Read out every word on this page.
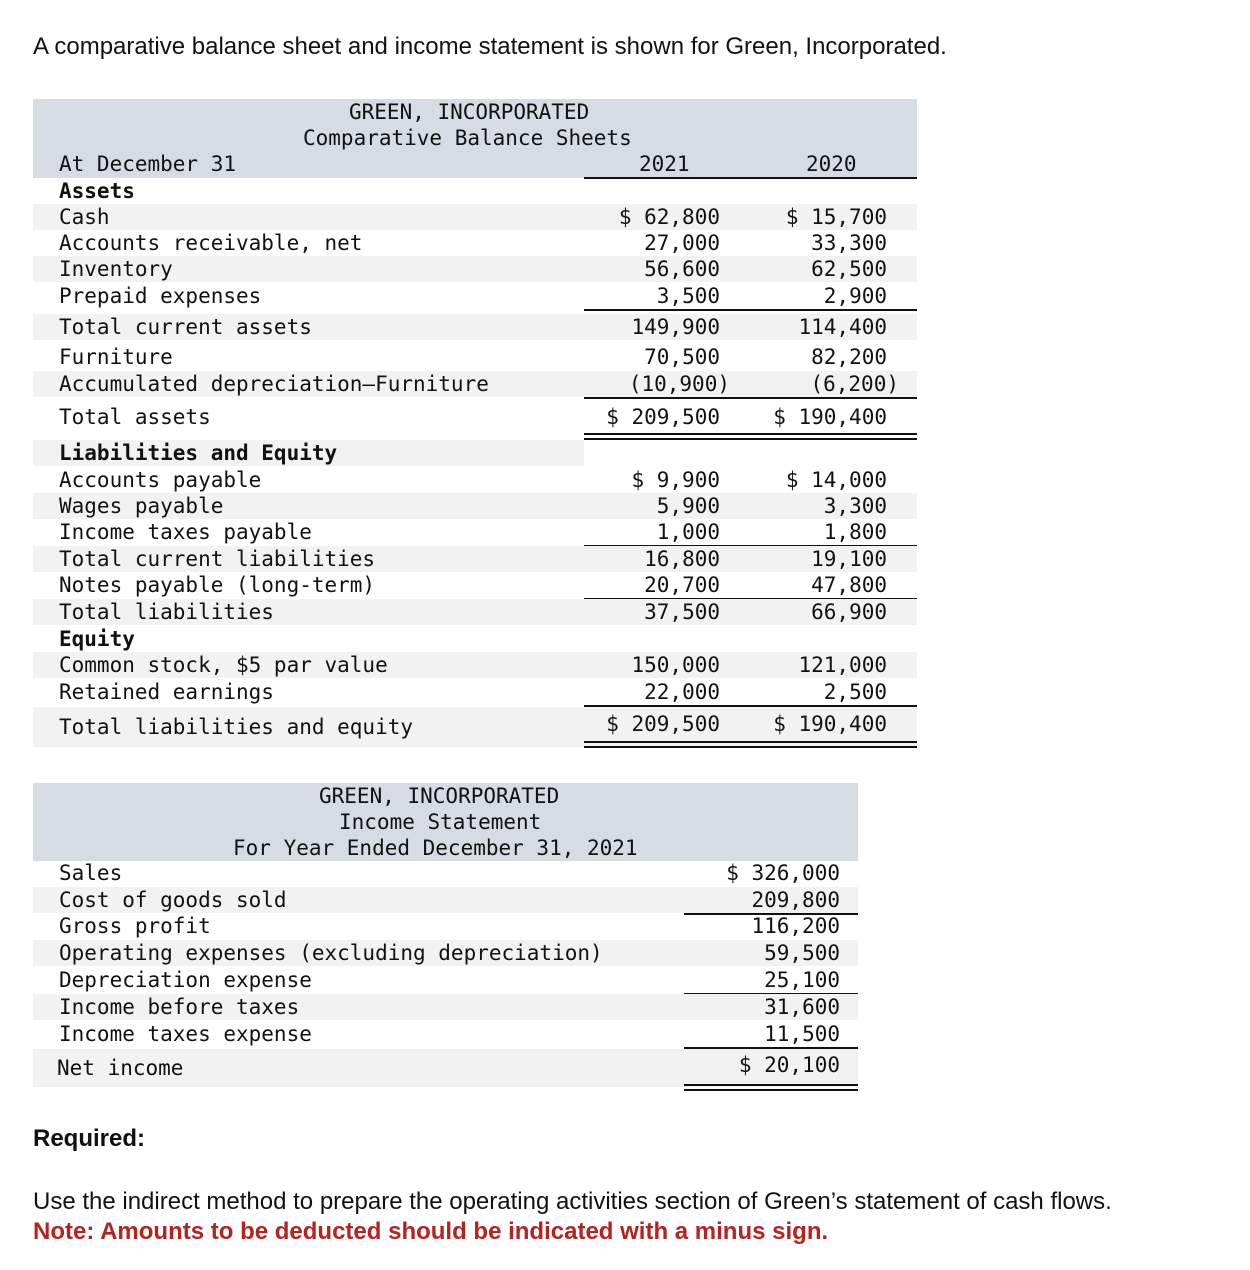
A comparative balance sheet and income statement is shown for Green, Incorporated.
GREEN, INCORPORATED
Comparative Balance Sheets
At December 31	2021	2020
Assets
Cash	$ 62,800	$ 15,700
Accounts receivable, net	27,000	33,300
Inventory	56,600	62,500
Prepaid expenses	3,500	2,900
Total current assets	149,900	114,400
Furniture	70,500	82,200
Accumulated depreciation—Furniture	(10,900)	(6,200)
Total assets	$ 209,500	$ 190,400
Liabilities and Equity
Accounts payable	$ 9,900	$ 14,000
Wages payable	5,900	3,300
Income taxes payable	1,000	1,800
Total current liabilities	16,800	19,100
Notes payable (long-term)	20,700	47,800
Total liabilities	37,500	66,900
Equity
Common stock, $5 par value	150,000	121,000
Retained earnings	22,000	2,500
Total liabilities and equity	$ 209,500	$ 190,400
GREEN, INCORPORATED
Income Statement
For Year Ended December 31, 2021
Sales	$ 326,000
Cost of goods sold	209,800
Gross profit	116,200
Operating expenses (excluding depreciation)	59,500
Depreciation expense	25,100
Income before taxes	31,600
Income taxes expense	11,500
Net income	$ 20,100
Required:
Use the indirect method to prepare the operating activities section of Green’s statement of cash flows.
Note: Amounts to be deducted should be indicated with a minus sign.
